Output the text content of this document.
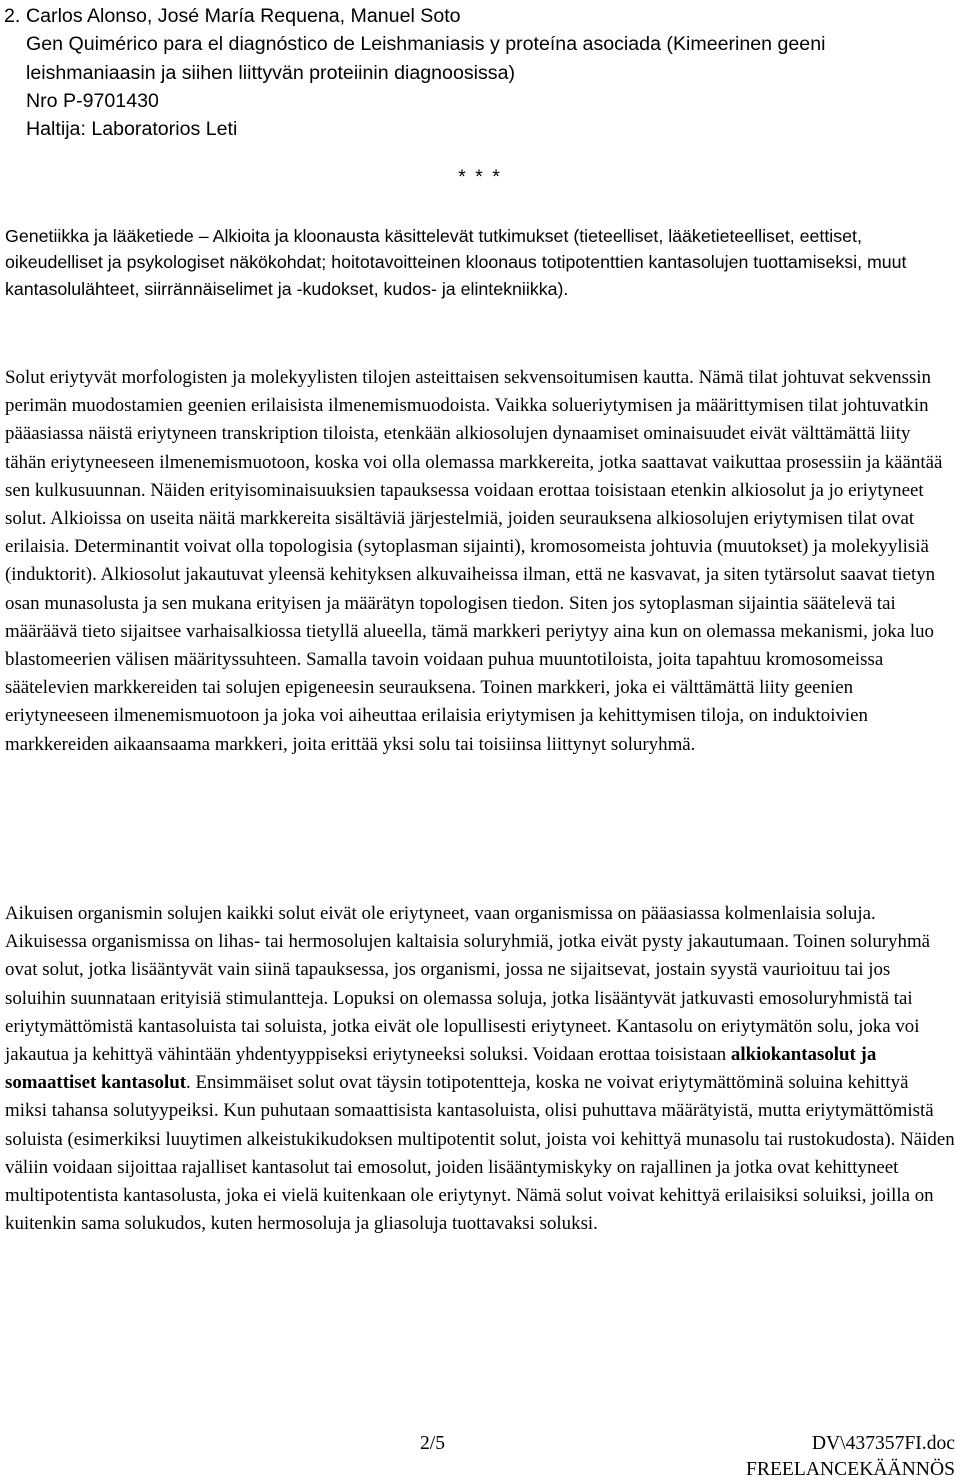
2. Carlos Alonso, José María Requena, Manuel Soto
Gen Quimérico para el diagnóstico de Leishmaniasis y proteína asociada (Kimeerinen geeni
leishmaniaasin ja siihen liittyvän proteiinin diagnoosissa)
Nro P-9701430
Haltija: Laboratorios Leti
* * *
Genetiikka ja lääketiede – Alkioita ja kloonausta käsittelevät tutkimukset (tieteelliset, lääketieteelliset, eettiset, oikeudelliset ja psykologiset näkökohdat; hoitotavoitteinen kloonaus totipotenttien kantasolujen tuottamiseksi, muut kantasolulähteet, siirrännäiselimet ja -kudokset, kudos- ja elintekniikka).
Solut eriytyvät morfologisten ja molekyylisten tilojen asteittaisen sekvensoitumisen kautta. Nämä tilat johtuvat sekvenssin perimän muodostamien geenien erilaisista ilmenemismuodoista. Vaikka solueriytymisen ja määrittymisen tilat johtuvatkin pääasiassa näistä eriytyneen transkription tiloista, etenkään alkiosolujen dynaamiset ominaisuudet eivät välttämättä liity tähän eriytyneeseen ilmenemismuotoon, koska voi olla olemassa markkereita, jotka saattavat vaikuttaa prosessiin ja kääntää sen kulkusuunnan. Näiden erityisominaisuuksien tapauksessa voidaan erottaa toisistaan etenkin alkiosolut ja jo eriytyneet solut. Alkioissa on useita näitä markkereita sisältäviä järjestelmiä, joiden seurauksena alkiosolujen eriytymisen tilat ovat erilaisia. Determinantit voivat olla topologisia (sytoplasman sijainti), kromosomeista johtuvia (muutokset) ja molekyylisiä (induktorit). Alkiosolut jakautuvat yleensä kehityksen alkuvaiheissa ilman, että ne kasvavat, ja siten tytärsolut saavat tietyn osan munasolusta ja sen mukana erityisen ja määrätyn topologisen tiedon. Siten jos sytoplasman sijaintia säätelevä tai määräävä tieto sijaitsee varhaisalkiossa tietyllä alueella, tämä markkeri periytyy aina kun on olemassa mekanismi, joka luo blastomeerien välisen määrityssuhteen. Samalla tavoin voidaan puhua muuntotiloista, joita tapahtuu kromosomeissa säätelevien markkereiden tai solujen epigeneesin seurauksena. Toinen markkeri, joka ei välttämättä liity geenien eriytyneeseen ilmenemismuotoon ja joka voi aiheuttaa erilaisia eriytymisen ja kehittymisen tiloja, on induktoivien markkereiden aikaansaama markkeri, joita erittää yksi solu tai toisiinsa liittynyt soluryhmä.
Aikuisen organismin solujen kaikki solut eivät ole eriytyneet, vaan organismissa on pääasiassa kolmenlaisia soluja. Aikuisessa organismissa on lihas- tai hermosolujen kaltaisia soluryhmiä, jotka eivät pysty jakautumaan. Toinen soluryhmä ovat solut, jotka lisääntyvät vain siinä tapauksessa, jos organismi, jossa ne sijaitsevat, jostain syystä vaurioituu tai jos soluihin suunnataan erityisiä stimulantteja. Lopuksi on olemassa soluja, jotka lisääntyvät jatkuvasti emosoluryhmistä tai eriytymättömistä kantasoluista tai soluista, jotka eivät ole lopullisesti eriytyneet. Kantasolu on eriytymätön solu, joka voi jakautua ja kehittyä vähintään yhdentyyppiseksi eriytyneeksi soluksi. Voidaan erottaa toisistaan alkiokantasolut ja somaattiset kantasolut. Ensimmäiset solut ovat täysin totipotentteja, koska ne voivat eriytymättöminä soluina kehittyä miksi tahansa solutyypeiksi. Kun puhutaan somaattisista kantasoluista, olisi puhuttava määrätyistä, mutta eriytymättömistä soluista (esimerkiksi luuytimen alkeistukikudoksen multipotentit solut, joista voi kehittyä munasolu tai rustokudosta). Näiden väliin voidaan sijoittaa rajalliset kantasolut tai emosolut, joiden lisääntymiskyky on rajallinen ja jotka ovat kehittyneet multipotentista kantasolusta, joka ei vielä kuitenkaan ole eriytynyt. Nämä solut voivat kehittyä erilaisiksi soluiksi, joilla on kuitenkin sama solukudos, kuten hermosoluja ja gliasoluja tuottavaksi soluksi.
2/5	DV\437357FI.doc
FREELANCEKÄÄNNÖS
